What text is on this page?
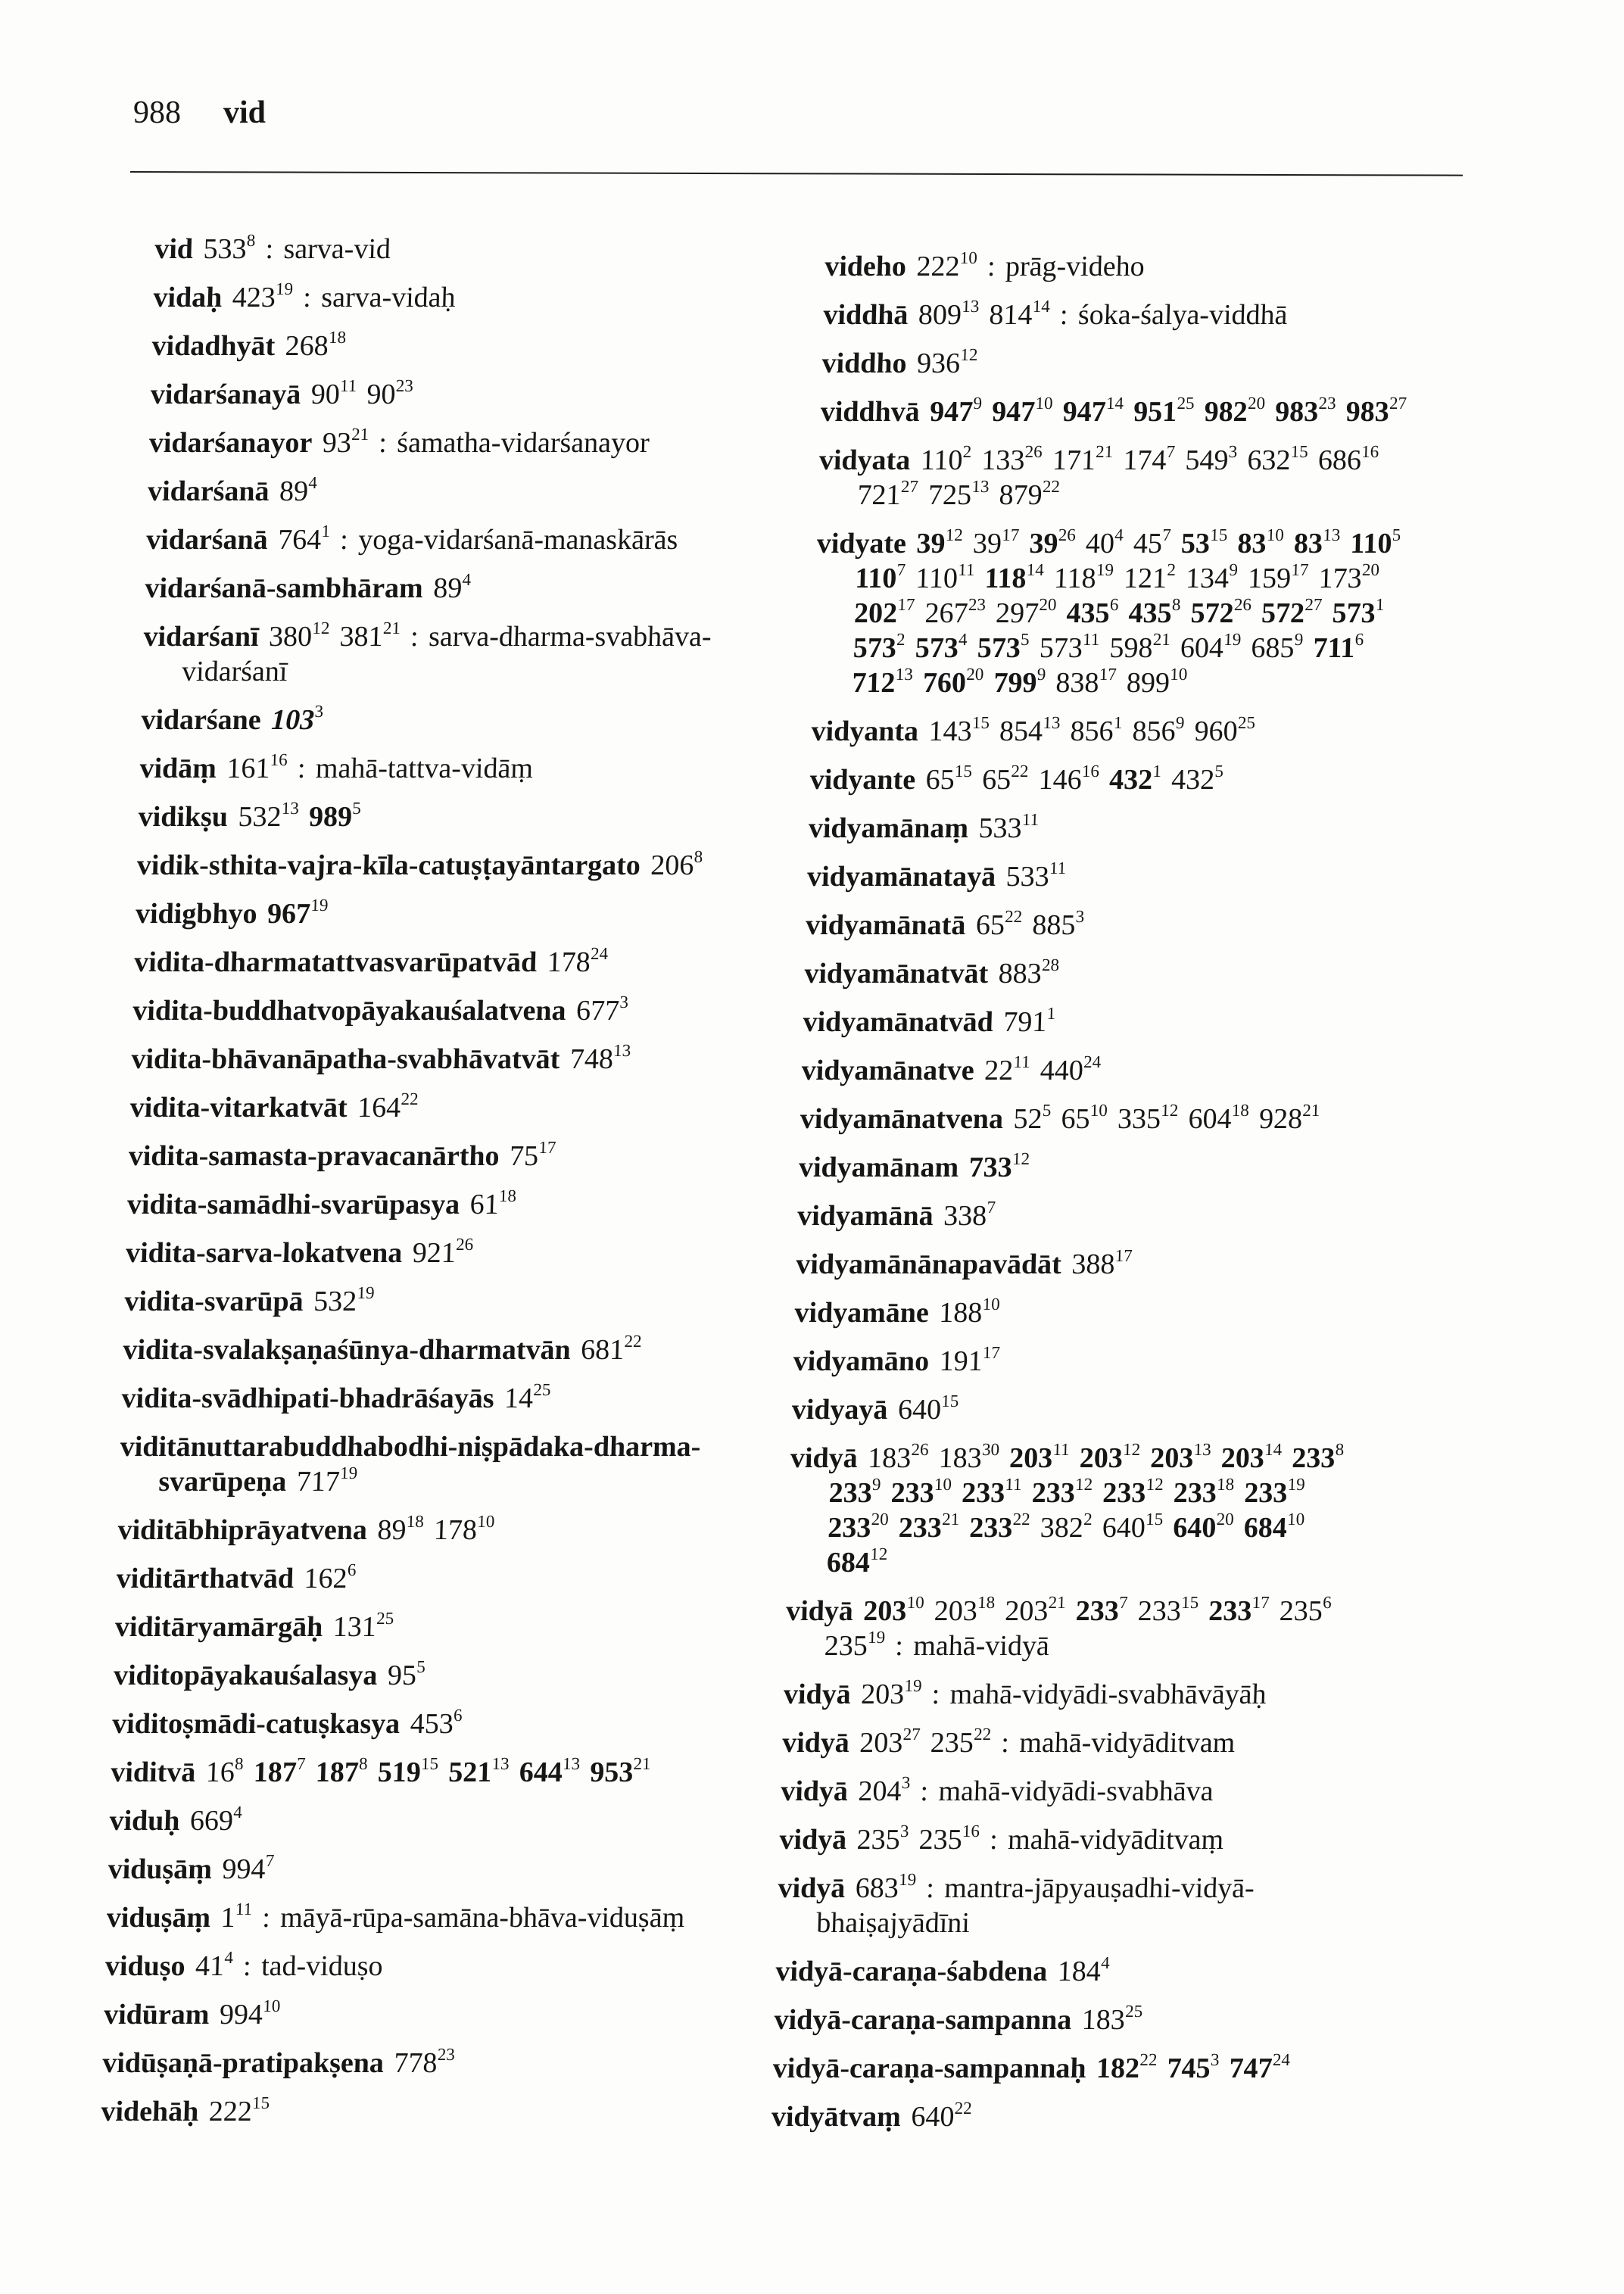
988 vid
vid $533^8$ : sarva-vid
vidaḥ $423^{19}$ : sarva-vidaḥ
vidadhyāt $268^{18}$
vidarśanayā $90^{11}$ $90^{23}$
vidarśanayor $93^{21}$ : śamatha-vidarśanayor
vidarśanā $89^4$
vidarśanā $764^1$ : yoga-vidarśanā-manaskārās
vidarśanā-sambhāram $89^4$
vidarśanī $380^{12}$ $381^{21}$ : sarva-dharma-svabhāva-
vidarśanī
vidarśane $103^3$
vidāṃ $161^{16}$ : mahā-tattva-vidāṃ
vidikṣu $532^{13}$ $989^5$
vidik-sthita-vajra-kīla-catuṣṭayāntargato $206^8$
vidigbhyo $967^{19}$
vidita-dharmatattvasvarūpatvād $178^{24}$
vidita-buddhatvopāyakauśalatvena $677^3$
vidita-bhāvanāpatha-svabhāvatvāt $748^{13}$
vidita-vitarkatvāt $164^{22}$
vidita-samasta-pravacanārtho $75^{17}$
vidita-samādhi-svarūpasya $61^{18}$
vidita-sarva-lokatvena $921^{26}$
vidita-svarūpā $532^{19}$
vidita-svalakṣaṇaśūnya-dharmatvān $681^{22}$
vidita-svādhipati-bhadrāśayās $14^{25}$
viditānuttarabuddhabodhi-niṣpādaka-dharma-
svarūpeṇa $717^{19}$
viditābhiprāyatvena $89^{18}$ $178^{10}$
viditārthatvād $162^6$
viditāryamārgāḥ $131^{25}$
viditopāyakauśalasya $95^5$
viditoṣmādi-catuṣkasya $453^6$
viditvā $16^8$ $187^7$ $187^8$ $519^{15}$ $521^{13}$ $644^{13}$ $953^{21}$
viduḥ $669^4$
viduṣāṃ $994^7$
viduṣāṃ $1^{11}$ : māyā-rūpa-samāna-bhāva-viduṣāṃ
viduṣo $41^4$ : tad-viduṣo
vidūram $994^{10}$
vidūṣaṇā-pratipakṣena $778^{23}$
videhāḥ $222^{15}$
videho $222^{10}$ : prāg-videho
viddhā $809^{13}$ $814^{14}$ : śoka-śalya-viddhā
viddho $936^{12}$
viddhvā $947^9$ $947^{10}$ $947^{14}$ $951^{25}$ $982^{20}$ $983^{23}$ $983^{27}$
vidyata $110^2$ $133^{26}$ $171^{21}$ $174^7$ $549^3$ $632^{15}$ $686^{16}$
$721^{27}$ $725^{13}$ $879^{22}$
vidyate $39^{12}$ $39^{17}$ $39^{26}$ $40^4$ $45^7$ $53^{15}$ $83^{10}$ $83^{13}$ $110^5$
$110^7$ $110^{11}$ $118^{14}$ $118^{19}$ $121^2$ $134^9$ $159^{17}$ $173^{20}$
$202^{17}$ $267^{23}$ $297^{20}$ $435^6$ $435^8$ $572^{26}$ $572^{27}$ $573^1$
$573^2$ $573^4$ $573^5$ $573^{11}$ $598^{21}$ $604^{19}$ $685^9$ $711^6$
$712^{13}$ $760^{20}$ $799^9$ $838^{17}$ $899^{10}$
vidyanta $143^{15}$ $854^{13}$ $856^1$ $856^9$ $960^{25}$
vidyante $65^{15}$ $65^{22}$ $146^{16}$ $432^1$ $432^5$
vidyamānaṃ $533^{11}$
vidyamānatayā $533^{11}$
vidyamānatā $65^{22}$ $885^3$
vidyamānatvāt $883^{28}$
vidyamānatvād $791^1$
vidyamānatve $22^{11}$ $440^{24}$
vidyamānatvena $52^5$ $65^{10}$ $335^{12}$ $604^{18}$ $928^{21}$
vidyamānam $733^{12}$
vidyamānā $338^7$
vidyamānānapavādāt $388^{17}$
vidyamāne $188^{10}$
vidyamāno $191^{17}$
vidyayā $640^{15}$
vidyā $183^{26}$ $183^{30}$ $203^{11}$ $203^{12}$ $203^{13}$ $203^{14}$ $233^8$
$233^9$ $233^{10}$ $233^{11}$ $233^{12}$ $233^{12}$ $233^{18}$ $233^{19}$
$233^{20}$ $233^{21}$ $233^{22}$ $382^2$ $640^{15}$ $640^{20}$ $684^{10}$
$684^{12}$
vidyā $203^{10}$ $203^{18}$ $203^{21}$ $233^7$ $233^{15}$ $233^{17}$ $235^6$
$235^{19}$ : mahā-vidyā
vidyā $203^{19}$ : mahā-vidyādi-svabhāvāyāḥ
vidyā $203^{27}$ $235^{22}$ : mahā-vidyāditvam
vidyā $204^3$ : mahā-vidyādi-svabhāva
vidyā $235^3$ $235^{16}$ : mahā-vidyāditvaṃ
vidyā $683^{19}$ : mantra-jāpyauṣadhi-vidyā-
bhaiṣajyādīni
vidyā-caraṇa-śabdena $184^4$
vidyā-caraṇa-sampanna $183^{25}$
vidyā-caraṇa-sampannaḥ $182^{22}$ $745^3$ $747^{24}$
vidyātvaṃ $640^{22}$
